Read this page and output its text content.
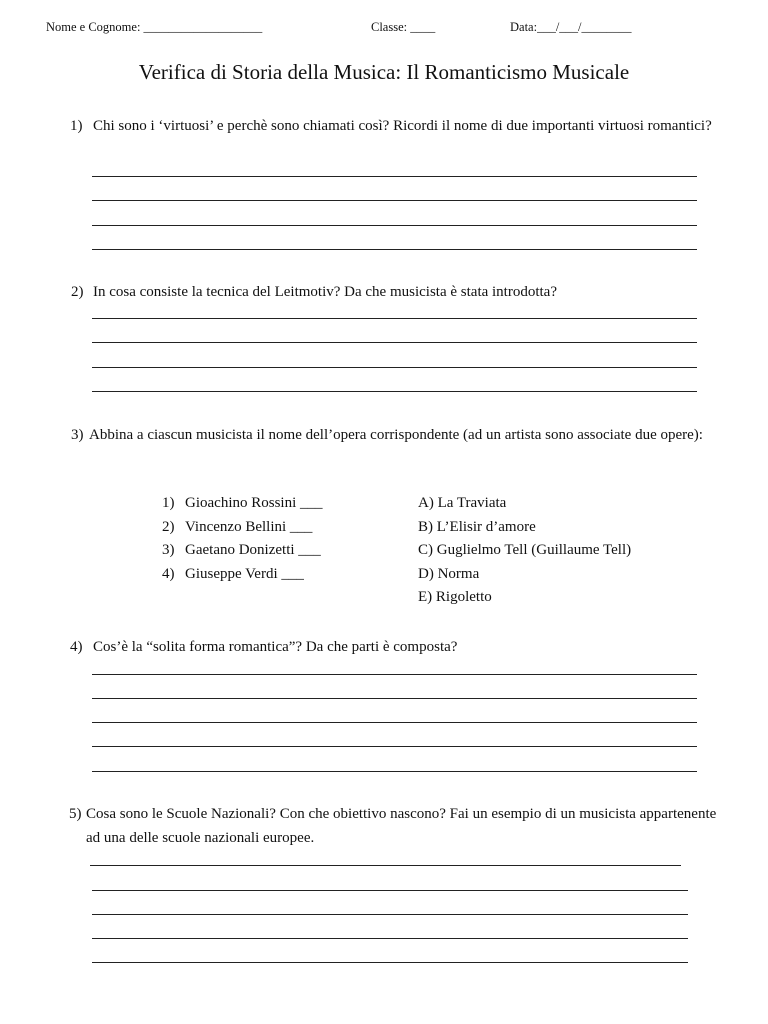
Nome e Cognome: ___________________	Classe: ____	Data:___/___/________
Verifica di Storia della Musica: Il Romanticismo Musicale
1) Chi sono i ‘virtuosi’ e perchè sono chiamati così? Ricordi il nome di due importanti virtuosi romantici?
2) In cosa consiste la tecnica del Leitmotiv? Da che musicista è stata introdotta?
3) Abbina a ciascun musicista il nome dell’opera corrispondente (ad un artista sono associate due opere):
1) Gioachino Rossini ___
2) Vincenzo Bellini ___
3) Gaetano Donizetti ___
4) Giuseppe Verdi ___
A) La Traviata
B) L’Elisir d’amore
C) Guglielmo Tell (Guillaume Tell)
D) Norma
E) Rigoletto
4) Cos’è la “solita forma romantica”? Da che parti è composta?
5) Cosa sono le Scuole Nazionali? Con che obiettivo nascono? Fai un esempio di un musicista appartenente ad una delle scuole nazionali europee.
